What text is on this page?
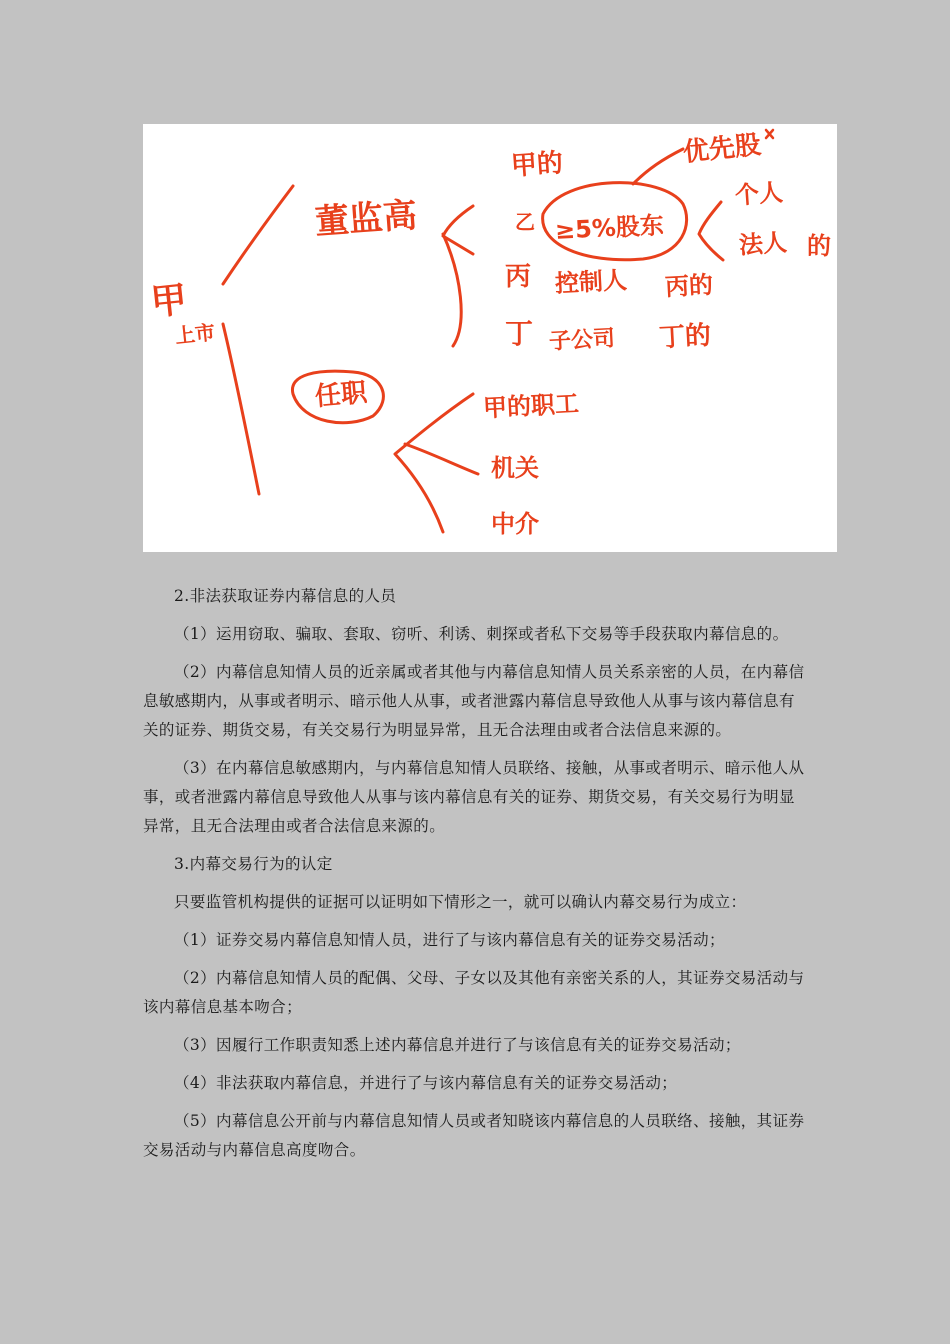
甲
上市
董监高
任职
甲的
乙 ≥5%股东
优先股
个人
法人 的
丙 控制人 丙的
丁 子公司 丁的
甲的职工
机关
中介

2.非法获取证券内幕信息的人员

（1）运用窃取、骗取、套取、窃听、利诱、刺探或者私下交易等手段获取内幕信息的。

（2）内幕信息知情人员的近亲属或者其他与内幕信息知情人员关系亲密的人员，在内幕信息敏感期内，从事或者明示、暗示他人从事，或者泄露内幕信息导致他人从事与该内幕信息有关的证券、期货交易，有关交易行为明显异常，且无合法理由或者合法信息来源的。

（3）在内幕信息敏感期内，与内幕信息知情人员联络、接触，从事或者明示、暗示他人从事，或者泄露内幕信息导致他人从事与该内幕信息有关的证券、期货交易，有关交易行为明显异常，且无合法理由或者合法信息来源的。

3.内幕交易行为的认定

只要监管机构提供的证据可以证明如下情形之一，就可以确认内幕交易行为成立：

（1）证券交易内幕信息知情人员，进行了与该内幕信息有关的证券交易活动；

（2）内幕信息知情人员的配偶、父母、子女以及其他有亲密关系的人，其证券交易活动与该内幕信息基本吻合；

（3）因履行工作职责知悉上述内幕信息并进行了与该信息有关的证券交易活动；

（4）非法获取内幕信息，并进行了与该内幕信息有关的证券交易活动；

（5）内幕信息公开前与内幕信息知情人员或者知晓该内幕信息的人员联络、接触，其证券交易活动与内幕信息高度吻合。
